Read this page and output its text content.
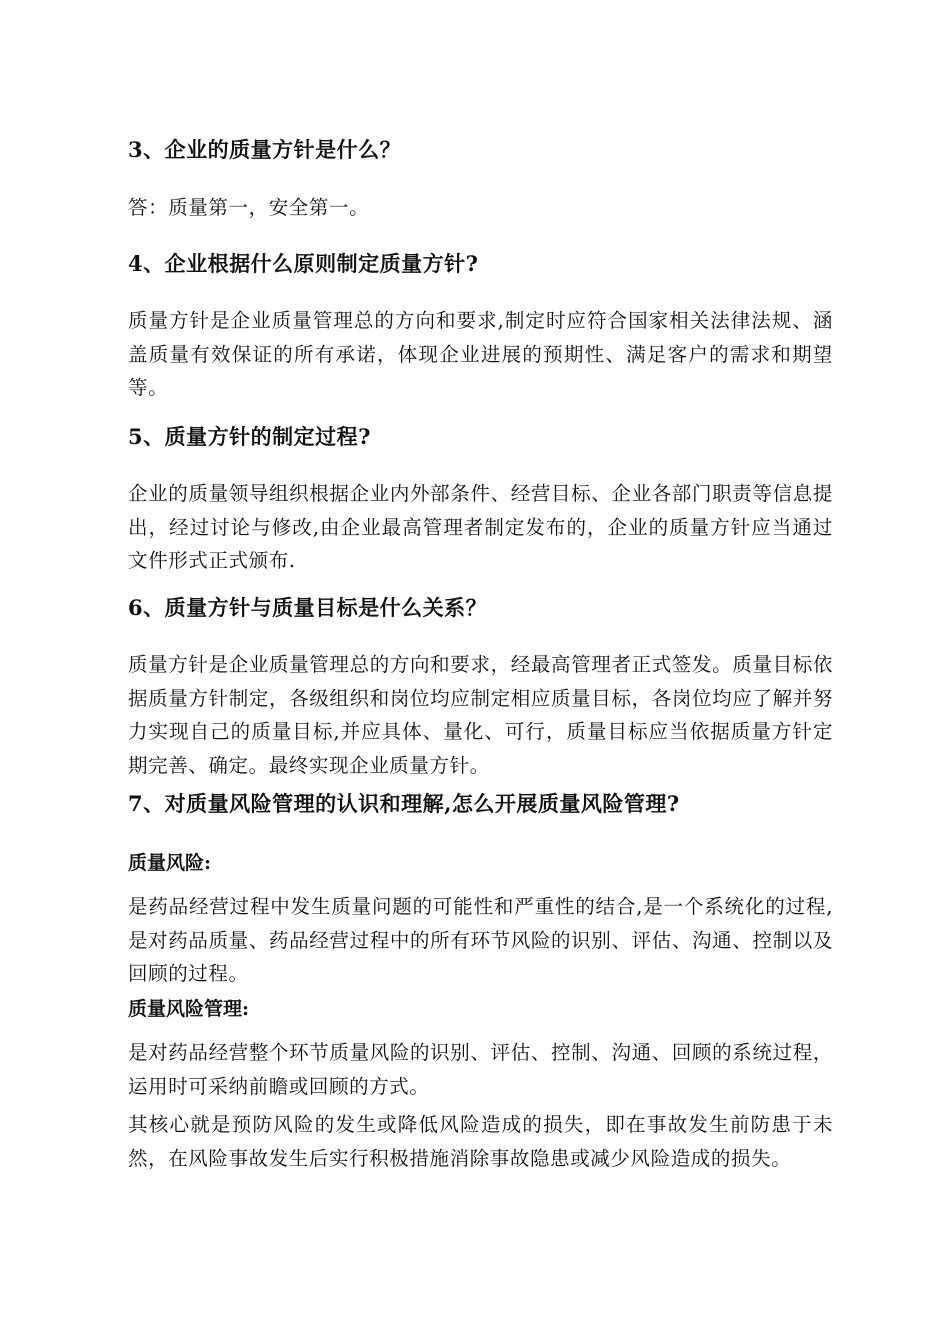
3、企业的质量方针是什么？
答：质量第一，安全第一。
4、企业根据什么原则制定质量方针?
质量方针是企业质量管理总的方向和要求,制定时应符合国家相关法律法规、涵盖质量有效保证的所有承诺，体现企业进展的预期性、满足客户的需求和期望等。
5、质量方针的制定过程?
企业的质量领导组织根据企业内外部条件、经营目标、企业各部门职责等信息提出，经过讨论与修改,由企业最高管理者制定发布的，企业的质量方针应当通过文件形式正式颁布.
6、质量方针与质量目标是什么关系？
质量方针是企业质量管理总的方向和要求，经最高管理者正式签发。质量目标依据质量方针制定，各级组织和岗位均应制定相应质量目标，各岗位均应了解并努力实现自己的质量目标,并应具体、量化、可行，质量目标应当依据质量方针定期完善、确定。最终实现企业质量方针。
7、对质量风险管理的认识和理解,怎么开展质量风险管理?
质量风险:
是药品经营过程中发生质量问题的可能性和严重性的结合,是一个系统化的过程,是对药品质量、药品经营过程中的所有环节风险的识别、评估、沟通、控制以及回顾的过程。
质量风险管理:
是对药品经营整个环节质量风险的识别、评估、控制、沟通、回顾的系统过程，运用时可采纳前瞻或回顾的方式。
其核心就是预防风险的发生或降低风险造成的损失，即在事故发生前防患于未然，在风险事故发生后实行积极措施消除事故隐患或减少风险造成的损失。
